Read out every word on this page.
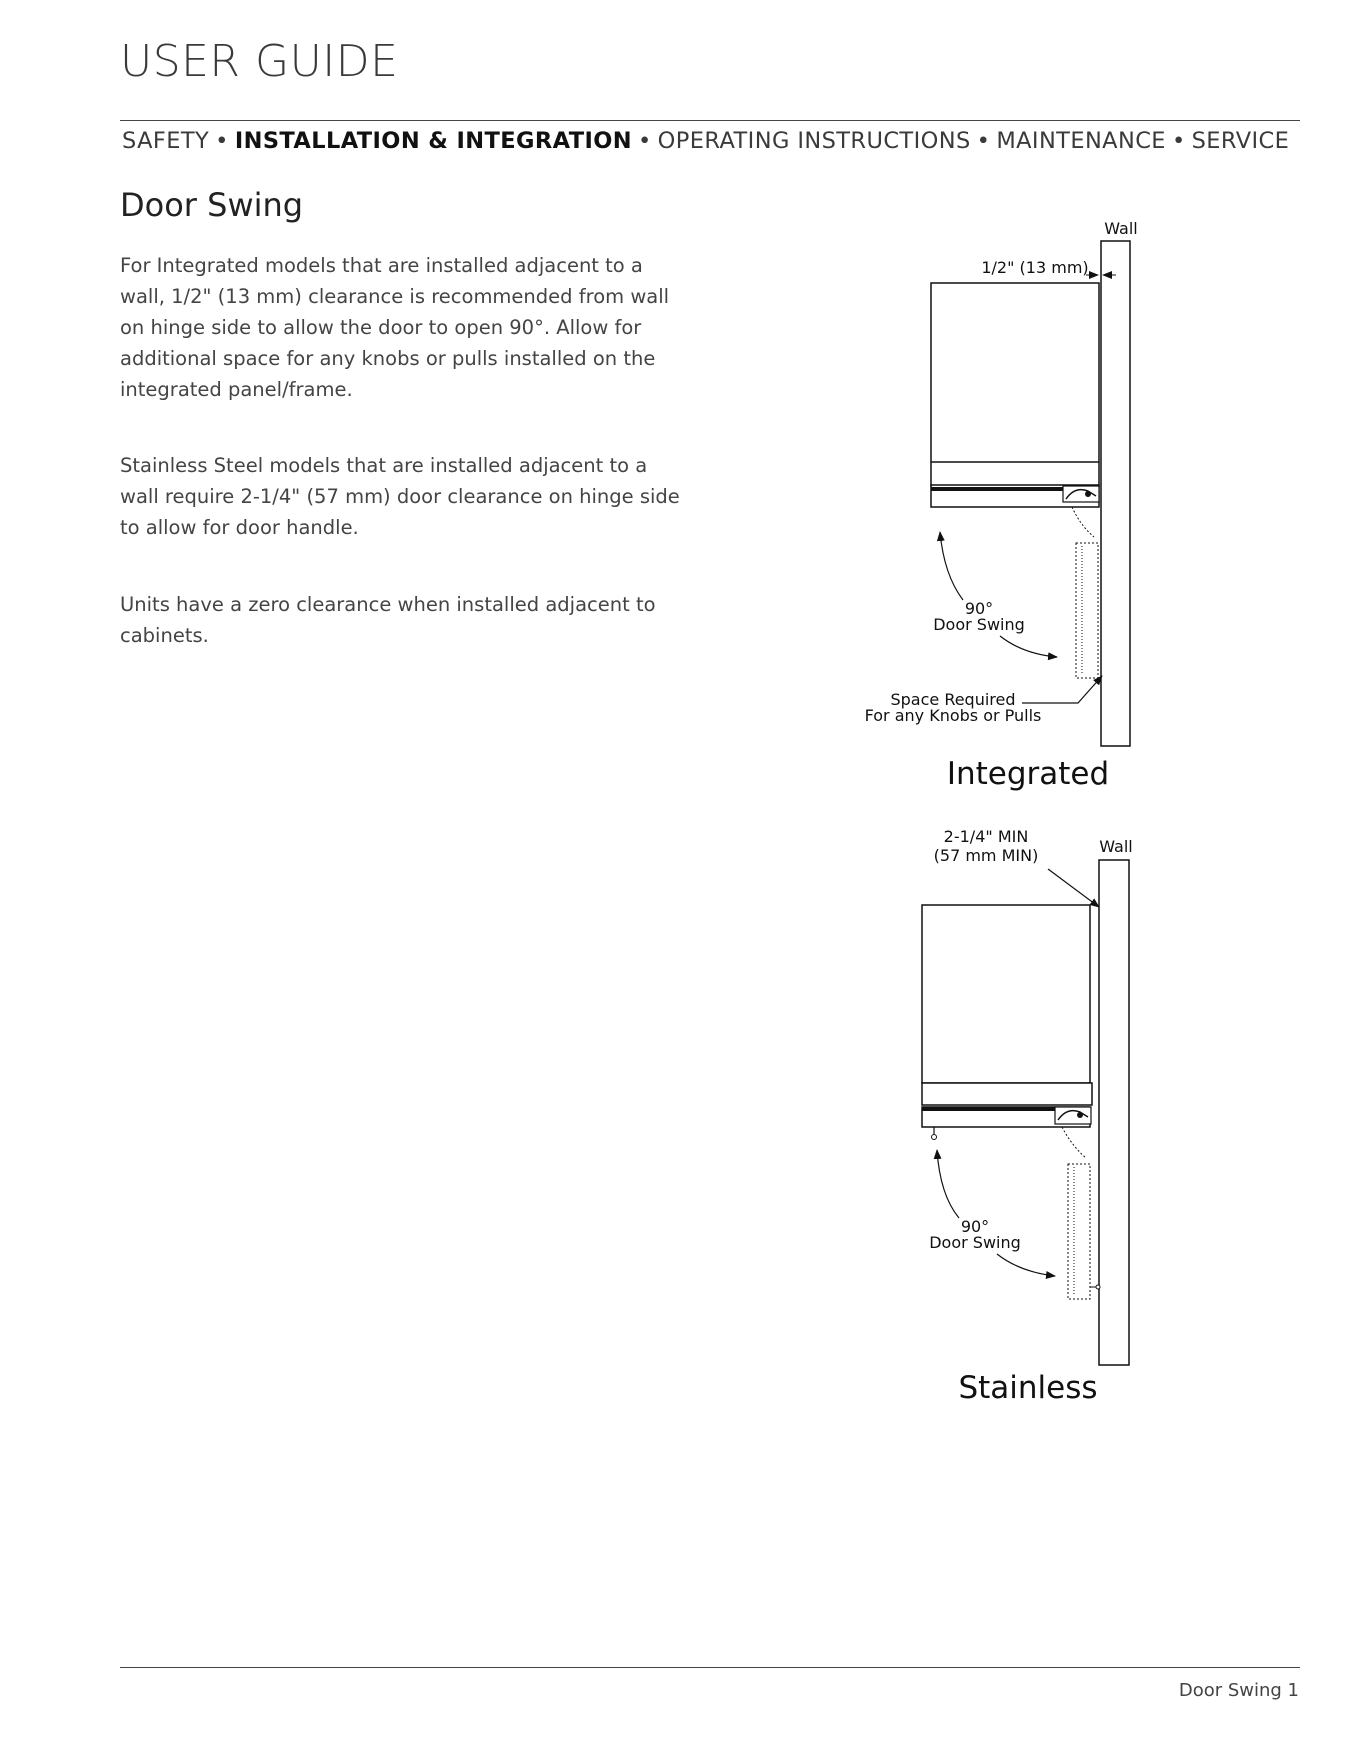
USER GUIDE
SAFETY • INSTALLATION & INTEGRATION • OPERATING INSTRUCTIONS • MAINTENANCE • SERVICE
Door Swing

For Integrated models that are installed adjacent to a wall, 1/2" (13 mm) clearance is recommended from wall on hinge side to allow the door to open 90°. Allow for additional space for any knobs or pulls installed on the integrated panel/frame.

Stainless Steel models that are installed adjacent to a wall require 2-1/4" (57 mm) door clearance on hinge side to allow for door handle.

Units have a zero clearance when installed adjacent to cabinets.

Wall
1/2" (13 mm)
90°
Door Swing
Space Required
For any Knobs or Pulls
Integrated
Wall
2-1/4" MIN
(57 mm MIN)
90°
Door Swing
Stainless
Door Swing 1
